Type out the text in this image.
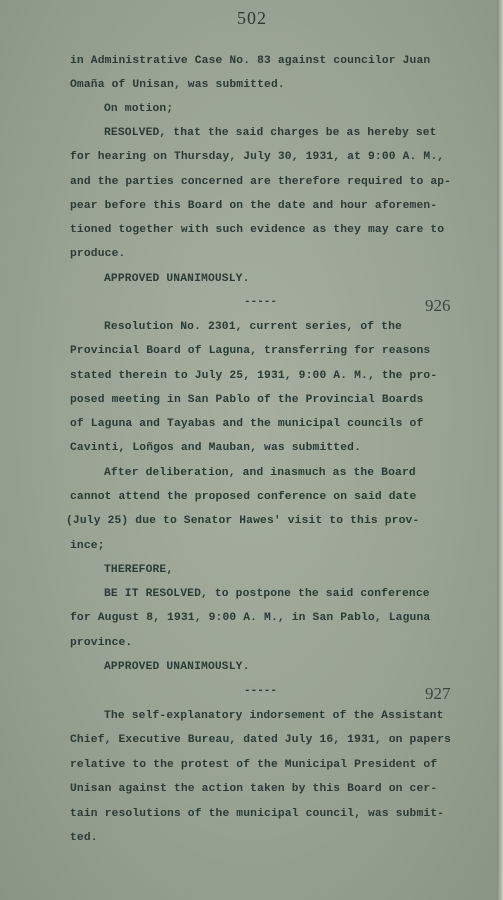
502

in Administrative Case No. 83 against councilor Juan

Omaña of Unisan, was submitted.

On motion;

RESOLVED, that the said charges be as hereby set

for hearing on Thursday, July 30, 1931, at 9:00 A. M.,

and the parties concerned are therefore required to ap-

pear before this Board on the date and hour aforemen-

tioned together with such evidence as they may care to

produce.

APPROVED UNANIMOUSLY.

-----	926

Resolution No. 2301, current series, of the

Provincial Board of Laguna, transferring for reasons

stated therein to July 25, 1931, 9:00 A. M., the pro-

posed meeting in San Pablo of the Provincial Boards

of Laguna and Tayabas and the municipal councils of

Cavinti, Loñgos and Mauban, was submitted.

After deliberation, and inasmuch as the Board

cannot attend the proposed conference on said date

(July 25) due to Senator Hawes' visit to this prov-

ince;

THEREFORE,

BE IT RESOLVED, to postpone the said conference

for August 8, 1931, 9:00 A. M., in San Pablo, Laguna

province.

APPROVED UNANIMOUSLY.

-----	927

The self-explanatory indorsement of the Assistant

Chief, Executive Bureau, dated July 16, 1931, on papers

relative to the protest of the Municipal President of

Unisan against the action taken by this Board on cer-

tain resolutions of the municipal council, was submit-

ted.
